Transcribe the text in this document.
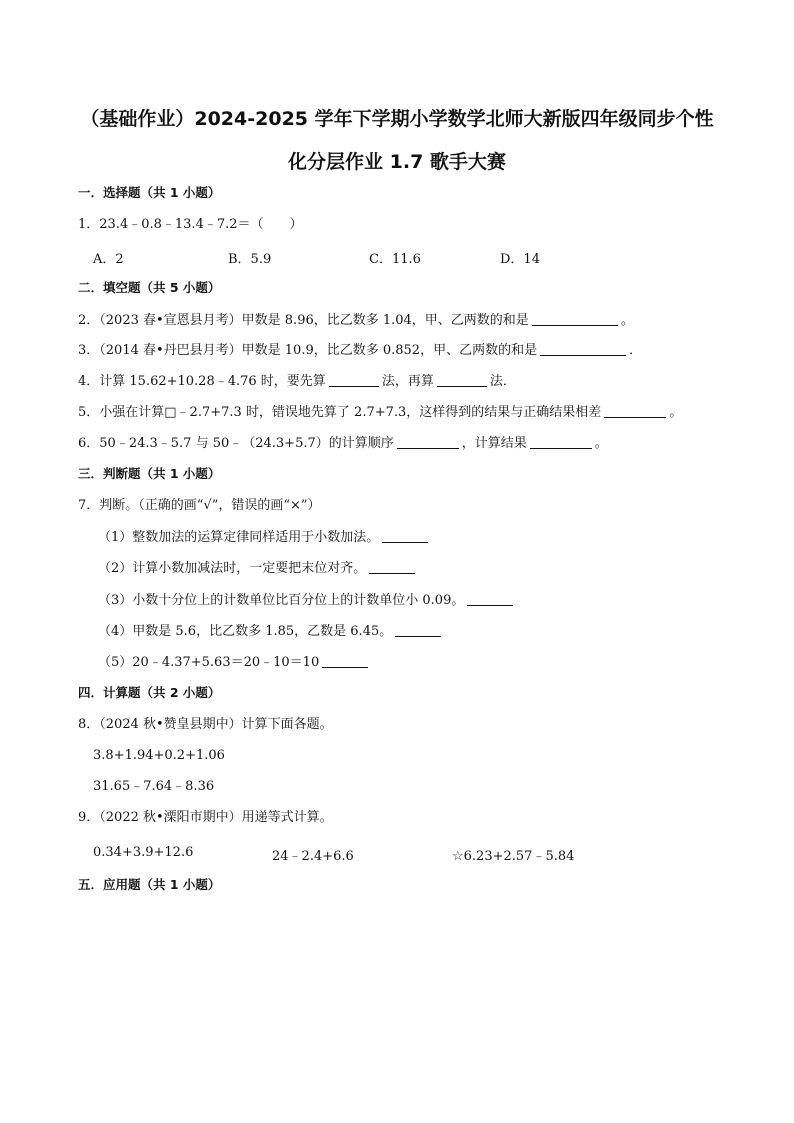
（基础作业）2024-2025 学年下学期小学数学北师大新版四年级同步个性
化分层作业 1.7 歌手大赛
一．选择题（共 1 小题）
1．23.4﹣0.8﹣13.4﹣7.2＝（　　）
A．2	B．5.9	C．11.6	D．14
二．填空题（共 5 小题）
2．（2023 春•宣恩县月考）甲数是 8.96，比乙数多 1.04，甲、乙两数的和是	。
3．（2014 春•丹巴县月考）甲数是 10.9，比乙数多 0.852，甲、乙两数的和是	．
4．计算 15.62+10.28﹣4.76 时，要先算	法，再算	法．
5．小强在计算□﹣2.7+7.3 时，错误地先算了 2.7+7.3，这样得到的结果与正确结果相差	。
6．50﹣24.3﹣5.7 与 50﹣（24.3+5.7）的计算顺序	，计算结果	。
三．判断题（共 1 小题）
7．判断。（正确的画“√”，错误的画“×”）
（1）整数加法的运算定律同样适用于小数加法。
（2）计算小数加减法时，一定要把末位对齐。
（3）小数十分位上的计数单位比百分位上的计数单位小 0.09。
（4）甲数是 5.6，比乙数多 1.85，乙数是 6.45。
（5）20﹣4.37+5.63＝20﹣10＝10
四．计算题（共 2 小题）
8．（2024 秋•赞皇县期中）计算下面各题。
3.8+1.94+0.2+1.06
31.65﹣7.64﹣8.36
9．（2022 秋•溧阳市期中）用递等式计算。
0.34+3.9+12.6	24﹣2.4+6.6	☆6.23+2.57﹣5.84
五．应用题（共 1 小题）
